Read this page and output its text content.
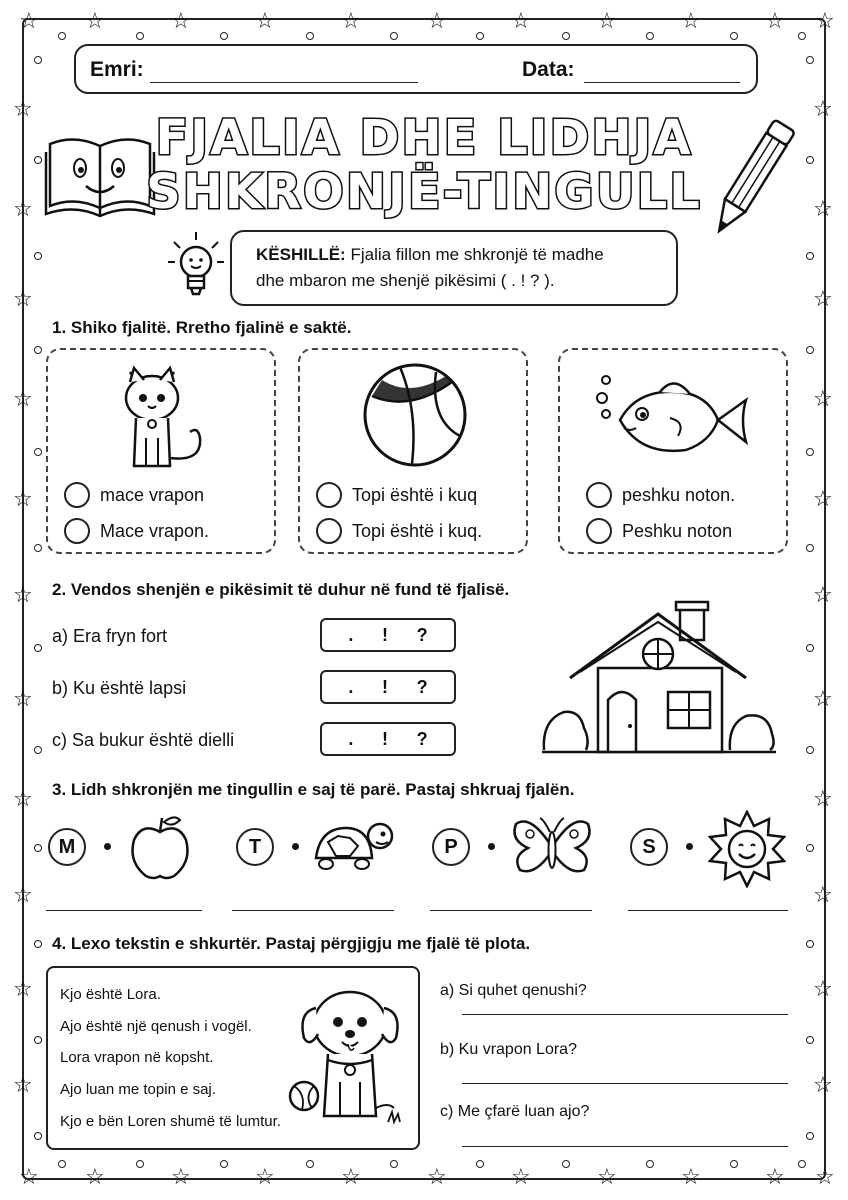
☆
☆
☆
☆
☆
☆
☆
☆
☆
☆
☆
☆
☆
☆
☆
☆
☆
☆
☆
☆
☆
☆
☆	☆
☆	☆
☆	☆
☆	☆
☆	☆
☆	☆
☆	☆
☆	☆
☆	☆
☆	☆
☆	☆
Emri:	Data:
FJALIA DHE LIDHJA
SHKRONJË-TINGULL
KËSHILLË: Fjalia fillon me shkronjë të madhe
dhe mbaron me shenjë pikësimi ( . ! ? ).
1. Shiko fjalitë. Rretho fjalinë e saktë.
mace vrapon
Mace vrapon.
Topi është i kuq
Topi është i kuq.
peshku noton.
Peshku noton
2. Vendos shenjën e pikësimit të duhur në fund të fjalisë.
a) Era fryn fort	. ! ?
b) Ku është lapsi	. ! ?
c) Sa bukur është dielli	. ! ?
3. Lidh shkronjën me tingullin e saj të parë. Pastaj shkruaj fjalën.
M	T	P	S
4. Lexo tekstin e shkurtër. Pastaj përgjigju me fjalë të plota.
Kjo është Lora.
Ajo është një qenush i vogël.
Lora vrapon në kopsht.
Ajo luan me topin e saj.
Kjo e bën Loren shumë të lumtur.
a) Si quhet qenushi?
b) Ku vrapon Lora?
c) Me çfarë luan ajo?
